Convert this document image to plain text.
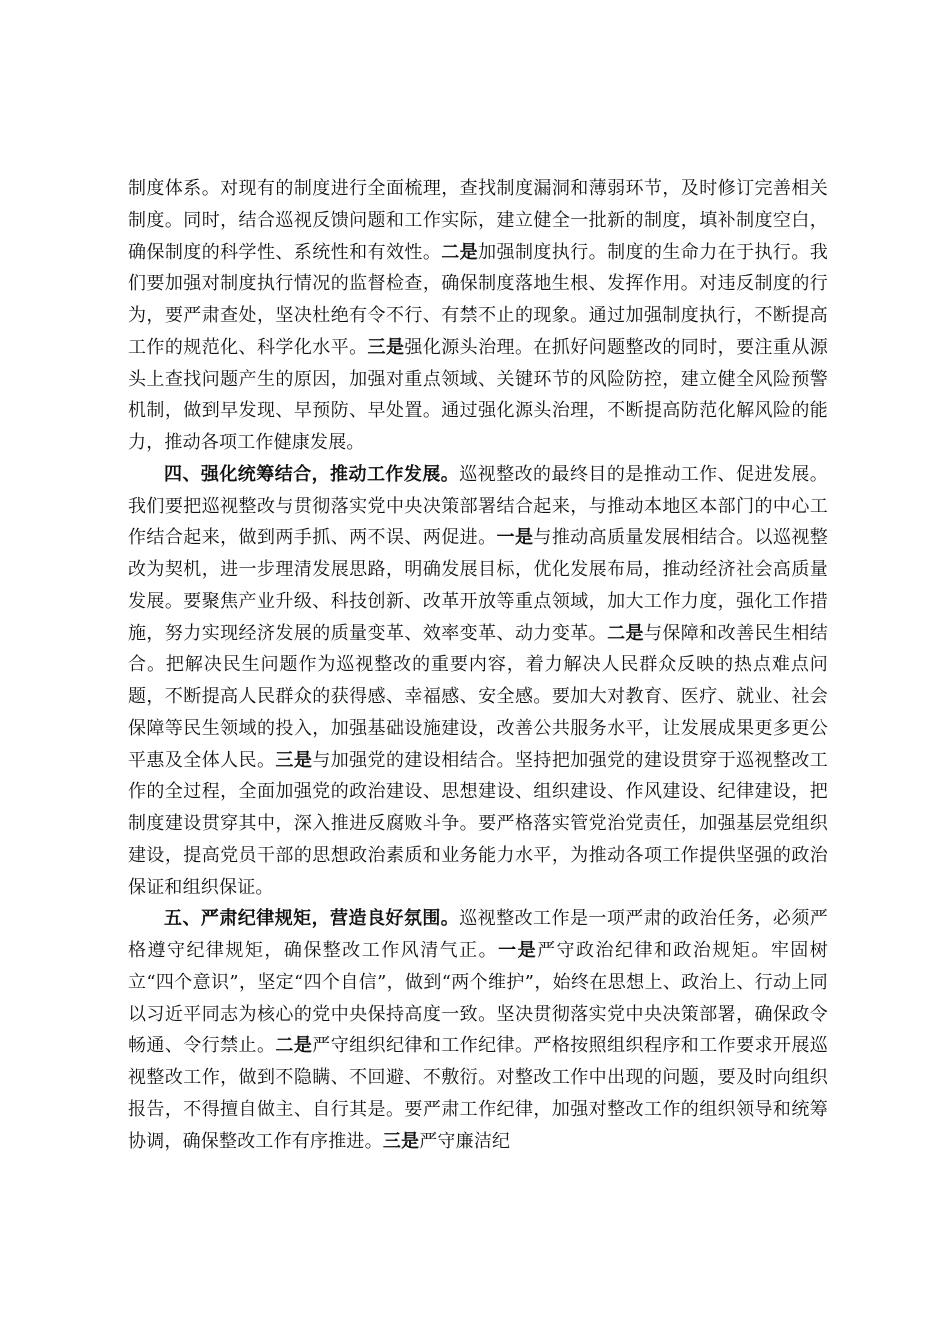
制度体系。对现有的制度进行全面梳理，查找制度漏洞和薄弱环节，及时修订完善相关制度。同时，结合巡视反馈问题和工作实际，建立健全一批新的制度，填补制度空白，确保制度的科学性、系统性和有效性。二是加强制度执行。制度的生命力在于执行。我们要加强对制度执行情况的监督检查，确保制度落地生根、发挥作用。对违反制度的行为，要严肃查处，坚决杜绝有令不行、有禁不止的现象。通过加强制度执行，不断提高工作的规范化、科学化水平。三是强化源头治理。在抓好问题整改的同时，要注重从源头上查找问题产生的原因，加强对重点领域、关键环节的风险防控，建立健全风险预警机制，做到早发现、早预防、早处置。通过强化源头治理，不断提高防范化解风险的能力，推动各项工作健康发展。

四、强化统筹结合，推动工作发展。巡视整改的最终目的是推动工作、促进发展。我们要把巡视整改与贯彻落实党中央决策部署结合起来，与推动本地区本部门的中心工作结合起来，做到两手抓、两不误、两促进。一是与推动高质量发展相结合。以巡视整改为契机，进一步理清发展思路，明确发展目标，优化发展布局，推动经济社会高质量发展。要聚焦产业升级、科技创新、改革开放等重点领域，加大工作力度，强化工作措施，努力实现经济发展的质量变革、效率变革、动力变革。二是与保障和改善民生相结合。把解决民生问题作为巡视整改的重要内容，着力解决人民群众反映的热点难点问题，不断提高人民群众的获得感、幸福感、安全感。要加大对教育、医疗、就业、社会保障等民生领域的投入，加强基础设施建设，改善公共服务水平，让发展成果更多更公平惠及全体人民。三是与加强党的建设相结合。坚持把加强党的建设贯穿于巡视整改工作的全过程，全面加强党的政治建设、思想建设、组织建设、作风建设、纪律建设，把制度建设贯穿其中，深入推进反腐败斗争。要严格落实管党治党责任，加强基层党组织建设，提高党员干部的思想政治素质和业务能力水平，为推动各项工作提供坚强的政治保证和组织保证。

五、严肃纪律规矩，营造良好氛围。巡视整改工作是一项严肃的政治任务，必须严格遵守纪律规矩，确保整改工作风清气正。一是严守政治纪律和政治规矩。牢固树立“四个意识”，坚定“四个自信”，做到“两个维护”，始终在思想上、政治上、行动上同以习近平同志为核心的党中央保持高度一致。坚决贯彻落实党中央决策部署，确保政令畅通、令行禁止。二是严守组织纪律和工作纪律。严格按照组织程序和工作要求开展巡视整改工作，做到不隐瞒、不回避、不敷衍。对整改工作中出现的问题，要及时向组织报告，不得擅自做主、自行其是。要严肃工作纪律，加强对整改工作的组织领导和统筹协调，确保整改工作有序推进。三是严守廉洁纪
